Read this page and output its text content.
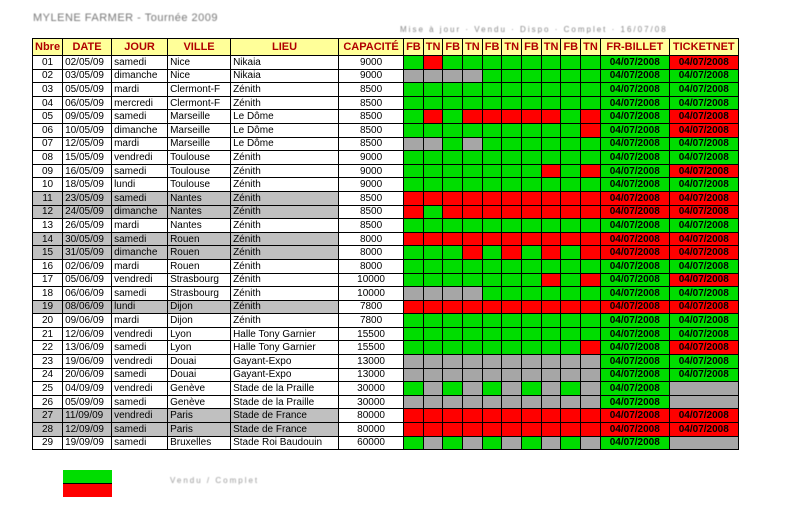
MYLENE FARMER - Tournée 2009
Mise à jour · Vendu · Dispo · Complet · 16/07/08
Nbre	DATE	JOUR	VILLE	LIEU	CAPACITÉ	FB	TN	FB	TN	FB	TN	FB	TN	FB	TN	FR-BILLET	TICKETNET
01	02/05/09	samedi	Nice	Nikaia	9000											04/07/2008	04/07/2008
02	03/05/09	dimanche	Nice	Nikaia	9000											04/07/2008	04/07/2008
03	05/05/09	mardi	Clermont-F	Zénith	8500											04/07/2008	04/07/2008
04	06/05/09	mercredi	Clermont-F	Zénith	8500											04/07/2008	04/07/2008
05	09/05/09	samedi	Marseille	Le Dôme	8500											04/07/2008	04/07/2008
06	10/05/09	dimanche	Marseille	Le Dôme	8500											04/07/2008	04/07/2008
07	12/05/09	mardi	Marseille	Le Dôme	8500											04/07/2008	04/07/2008
08	15/05/09	vendredi	Toulouse	Zénith	9000											04/07/2008	04/07/2008
09	16/05/09	samedi	Toulouse	Zénith	9000											04/07/2008	04/07/2008
10	18/05/09	lundi	Toulouse	Zénith	9000											04/07/2008	04/07/2008
11	23/05/09	samedi	Nantes	Zénith	8500											04/07/2008	04/07/2008
12	24/05/09	dimanche	Nantes	Zénith	8500											04/07/2008	04/07/2008
13	26/05/09	mardi	Nantes	Zénith	8500											04/07/2008	04/07/2008
14	30/05/09	samedi	Rouen	Zénith	8000											04/07/2008	04/07/2008
15	31/05/09	dimanche	Rouen	Zénith	8000											04/07/2008	04/07/2008
16	02/06/09	mardi	Rouen	Zénith	8000											04/07/2008	04/07/2008
17	05/06/09	vendredi	Strasbourg	Zénith	10000											04/07/2008	04/07/2008
18	06/06/09	samedi	Strasbourg	Zénith	10000											04/07/2008	04/07/2008
19	08/06/09	lundi	Dijon	Zénith	7800											04/07/2008	04/07/2008
20	09/06/09	mardi	Dijon	Zénith	7800											04/07/2008	04/07/2008
21	12/06/09	vendredi	Lyon	Halle Tony Garnier	15500											04/07/2008	04/07/2008
22	13/06/09	samedi	Lyon	Halle Tony Garnier	15500											04/07/2008	04/07/2008
23	19/06/09	vendredi	Douai	Gayant-Expo	13000											04/07/2008	04/07/2008
24	20/06/09	samedi	Douai	Gayant-Expo	13000											04/07/2008	04/07/2008
25	04/09/09	vendredi	Genève	Stade de la Praille	30000											04/07/2008	
26	05/09/09	samedi	Genève	Stade de la Praille	30000											04/07/2008	
27	11/09/09	vendredi	Paris	Stade de France	80000											04/07/2008	04/07/2008
28	12/09/09	samedi	Paris	Stade de France	80000											04/07/2008	04/07/2008
29	19/09/09	samedi	Bruxelles	Stade Roi Baudouin	60000											04/07/2008	
Vendu / Complet
